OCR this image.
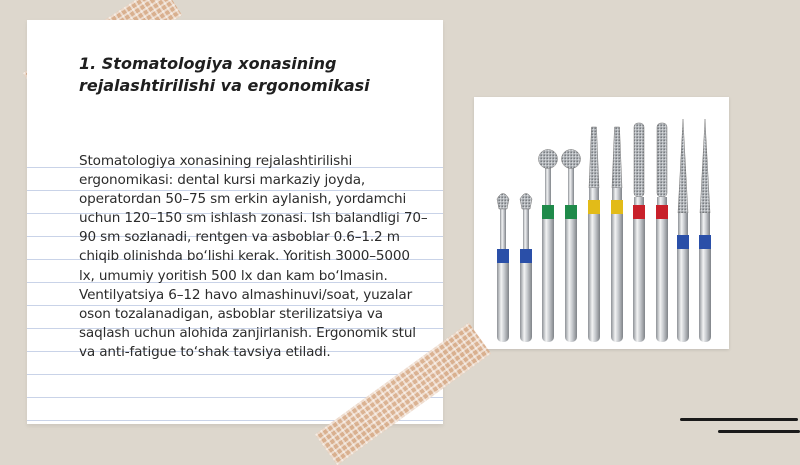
1. Stomatologiya xonasining
rejalashtirilishi va ergonomikasi

Stomatologiya xonasining rejalashtirilishi ergonomikasi: dental kursi markaziy joyda, operatordan 50–75 sm erkin aylanish, yordamchi uchun 120–150 sm ishlash zonasi. Ish balandligi 70–90 sm sozlanadi, rentgen va asboblar 0.6–1.2 m chiqib olinishda bo‘lishi kerak. Yoritish 3000–5000 lx, umumiy yoritish 500 lx dan kam bo‘lmasin. Ventilyatsiya 6–12 havo almashinuvi/soat, yuzalar oson tozalanadigan, asboblar sterilizatsiya va saqlash uchun alohida zanjirlanish. Ergonomik stul va anti-fatigue to‘shak tavsiya etiladi.
